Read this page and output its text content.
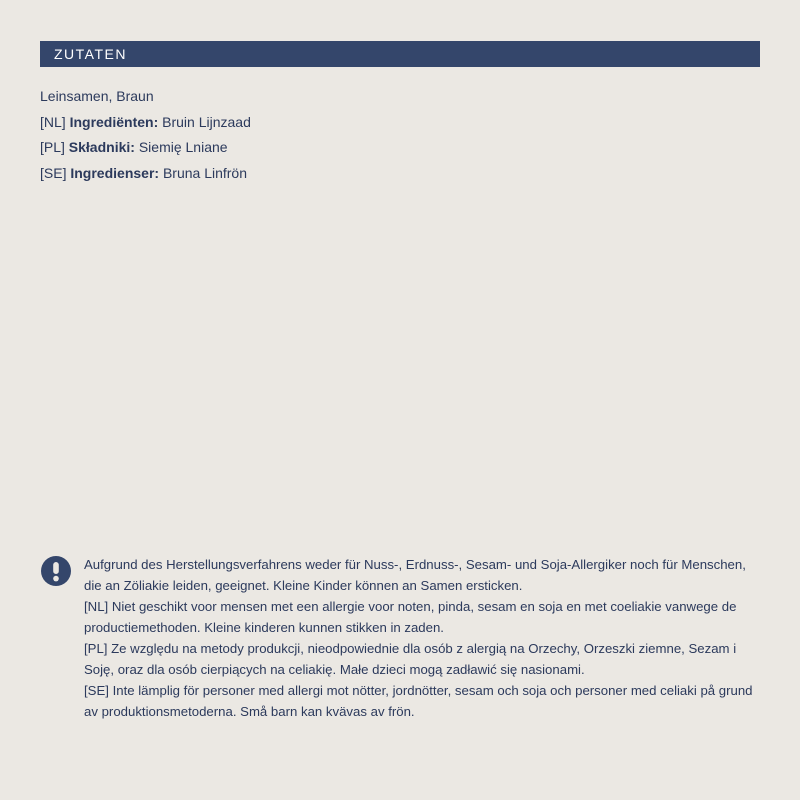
ZUTATEN
Leinsamen, Braun
[NL] Ingrediënten: Bruin Lijnzaad
[PL] Składniki: Siemię Lniane
[SE] Ingredienser: Bruna Linfrön

Aufgrund des Herstellungsverfahrens weder für Nuss-, Erdnuss-, Sesam- und Soja-Allergiker noch für Menschen, die an Zöliakie leiden, geeignet. Kleine Kinder können an Samen ersticken.

[NL] Niet geschikt voor mensen met een allergie voor noten, pinda, sesam en soja en met coeliakie vanwege de productiemethoden. Kleine kinderen kunnen stikken in zaden.

[PL] Ze względu na metody produkcji, nieodpowiednie dla osób z alergią na Orzechy, Orzeszki ziemne, Sezam i Soję, oraz dla osób cierpiących na celiakię. Małe dzieci mogą zadławić się nasionami.

[SE] Inte lämplig för personer med allergi mot nötter, jordnötter, sesam och soja och personer med celiaki på grund av produktionsmetoderna. Små barn kan kvävas av frön.
